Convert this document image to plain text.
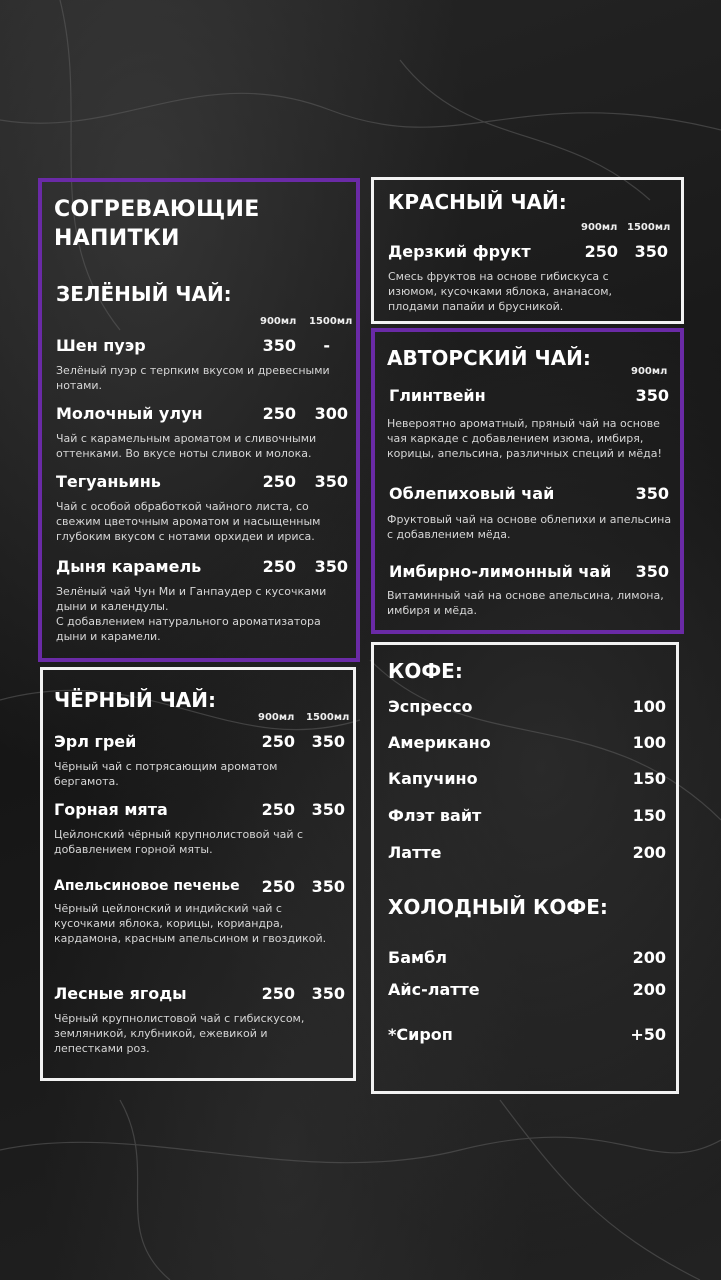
СОГРЕВАЮЩИЕ
НАПИТКИ
ЗЕЛЁНЫЙ ЧАЙ:
900мл 1500мл
Шен пуэр	350	-
Зелёный пуэр с терпким вкусом и древесными нотами.
Молочный улун	250	300
Чай с карамельным ароматом и сливочными оттенками. Во вкусе ноты сливок и молока.
Тегуаньинь	250	350
Чай с особой обработкой чайного листа, со свежим цветочным ароматом и насыщенным глубоким вкусом с нотами орхидеи и ириса.
Дыня карамель	250	350
Зелёный чай Чун Ми и Ганпаудер с кусочками дыни и календулы.
С добавлением натурального ароматизатора дыни и карамели.
ЧЁРНЫЙ ЧАЙ:
900мл 1500мл
Эрл грей	250	350
Чёрный чай с потрясающим ароматом бергамота.
Горная мята	250	350
Цейлонский чёрный крупнолистовой чай с добавлением горной мяты.
Апельсиновое печенье	250	350
Чёрный цейлонский и индийский чай с кусочками яблока, корицы, кориандра, кардамона, красным апельсином и гвоздикой.
Лесные ягоды	250	350
Чёрный крупнолистовой чай с гибискусом, земляникой, клубникой, ежевикой и лепестками роз.
КРАСНЫЙ ЧАЙ:
900мл 1500мл
Дерзкий фрукт	250	350
Смесь фруктов на основе гибискуса с изюмом, кусочками яблока, ананасом, плодами папайи и брусникой.
АВТОРСКИЙ ЧАЙ:
900мл
Глинтвейн	350
Невероятно ароматный, пряный чай на основе чая каркаде с добавлением изюма, имбиря, корицы, апельсина, различных специй и мёда!
Облепиховый чай	350
Фруктовый чай на основе облепихи и апельсина с добавлением мёда.
Имбирно-лимонный чай	350
Витаминный чай на основе апельсина, лимона, имбиря и мёда.
КОФЕ:
Эспрессо	100
Американо	100
Капучино	150
Флэт вайт	150
Латте	200
ХОЛОДНЫЙ КОФЕ:
Бамбл	200
Айс-латте	200
*Сироп	+50
